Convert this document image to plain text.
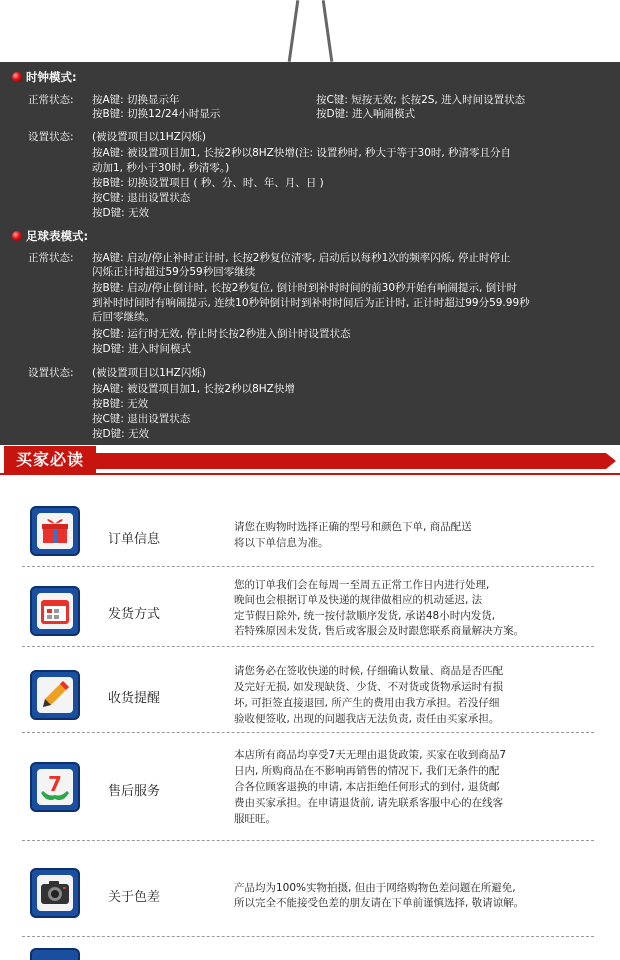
时钟模式:
正常状态: 按A键: 切换显示年
按B键: 切换12/24小时显示
按C键: 短按无效; 长按2S, 进入时间设置状态
按D键: 进入响闹模式
设置状态: (被设置项目以1HZ闪烁)
按A键: 被设置项目加1, 长按2秒以8HZ快增(注: 设置秒时, 秒大于等于30时, 秒清零且分自
动加1, 秒小于30时, 秒清零。)
按B键: 切换设置项目 ( 秒、分、时、年、月、日 )
按C键: 退出设置状态
按D键: 无效
足球表模式:
正常状态: 按A键: 启动/停止补时正计时, 长按2秒复位清零, 启动后以每秒1次的频率闪烁, 停止时停止
闪烁正计时超过59分59秒回零继续
按B键: 启动/停止倒计时, 长按2秒复位, 倒计时到补时时间的前30秒开始有响闹提示, 倒计时
到补时时间时有响闹提示, 连续10秒钟倒计时到补时时间后为正计时, 正计时超过99分59.99秒
后回零继续。
按C键: 运行时无效, 停止时长按2秒进入倒计时设置状态
按D键: 进入时间模式
设置状态: (被设置项目以1HZ闪烁)
按A键: 被设置项目加1, 长按2秒以8HZ快增
按B键: 无效
按C键: 退出设置状态
按D键: 无效
买家必读
订单信息
请您在购物时选择正确的型号和颜色下单, 商品配送
将以下单信息为准。
发货方式
您的订单我们会在每周一至周五正常工作日内进行处理,
晚间也会根据订单及快递的规律做相应的机动延迟, 法
定节假日除外, 统一按付款顺序发货, 承诺48小时内发货,
若特殊原因未发货, 售后或客服会及时跟您联系商量解决方案。
收货提醒
请您务必在签收快递的时候, 仔细确认数量、商品是否匹配
及完好无损, 如发现缺货、少货、不对货或货物承运时有损
坏, 可拒签直接退回, 所产生的费用由我方承担。若没仔细
验收便签收, 出现的问题我店无法负责, 责任由买家承担。
7	售后服务
本店所有商品均享受7天无理由退货政策, 买家在收到商品7
日内, 所购商品在不影响再销售的情况下, 我们无条件的配
合各位顾客退换的申请, 本店拒绝任何形式的到付, 退货邮
费由买家承担。在申请退货前, 请先联系客服中心的在线客
服旺旺。
关于色差
产品均为100%实物拍摄, 但由于网络购物色差问题在所避免,
所以完全不能接受色差的朋友请在下单前谨慎选择, 敬请谅解。
